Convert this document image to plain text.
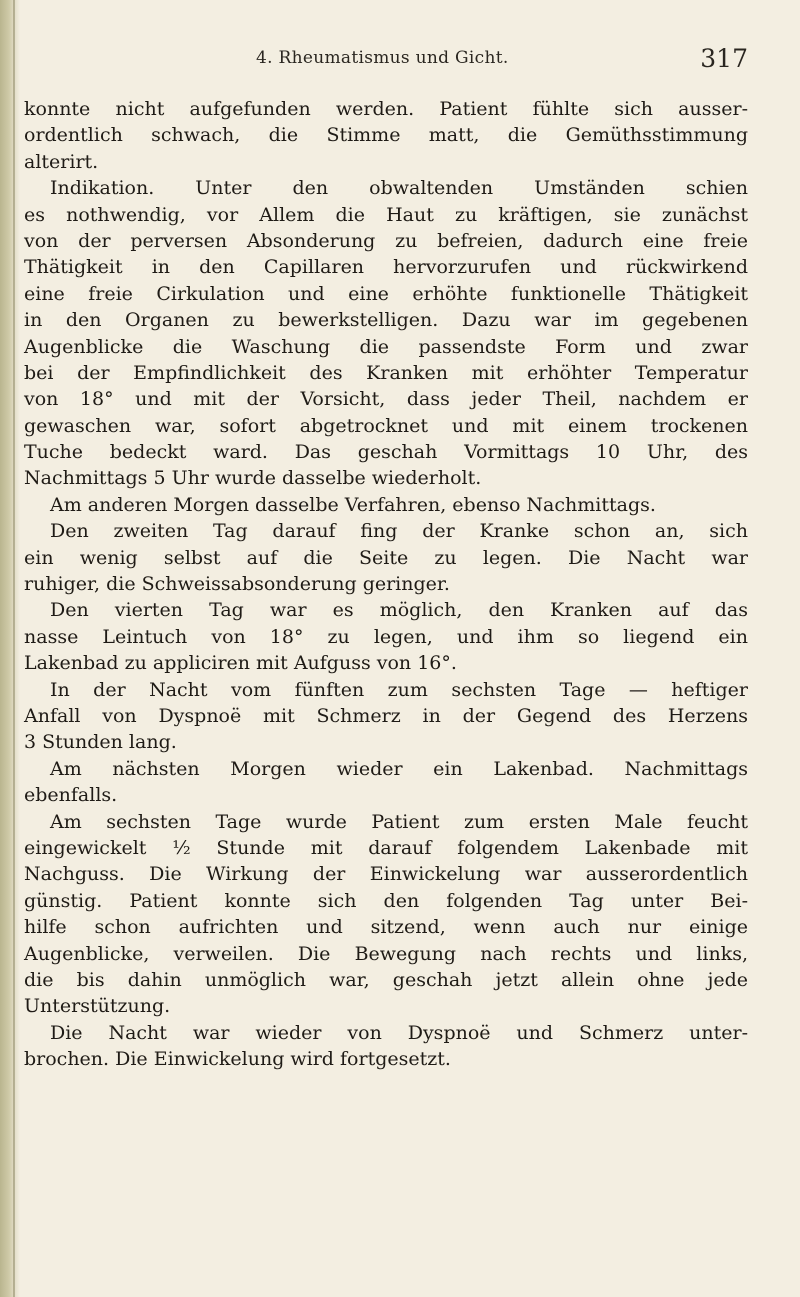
4. Rheumatismus und Gicht.	317
konnte nicht aufgefunden werden. Patient fühlte sich ausser-
ordentlich schwach, die Stimme matt, die Gemüthsstimmung
alterirt.
Indikation. Unter den obwaltenden Umständen schien
es nothwendig, vor Allem die Haut zu kräftigen, sie zunächst
von der perversen Absonderung zu befreien, dadurch eine freie
Thätigkeit in den Capillaren hervorzurufen und rückwirkend
eine freie Cirkulation und eine erhöhte funktionelle Thätigkeit
in den Organen zu bewerkstelligen. Dazu war im gegebenen
Augenblicke die Waschung die passendste Form und zwar
bei der Empfindlichkeit des Kranken mit erhöhter Temperatur
von 18° und mit der Vorsicht, dass jeder Theil, nachdem er
gewaschen war, sofort abgetrocknet und mit einem trockenen
Tuche bedeckt ward. Das geschah Vormittags 10 Uhr, des
Nachmittags 5 Uhr wurde dasselbe wiederholt.
Am anderen Morgen dasselbe Verfahren, ebenso Nachmittags.
Den zweiten Tag darauf fing der Kranke schon an, sich
ein wenig selbst auf die Seite zu legen. Die Nacht war
ruhiger, die Schweissabsonderung geringer.
Den vierten Tag war es möglich, den Kranken auf das
nasse Leintuch von 18° zu legen, und ihm so liegend ein
Lakenbad zu appliciren mit Aufguss von 16°.
In der Nacht vom fünften zum sechsten Tage — heftiger
Anfall von Dyspnoë mit Schmerz in der Gegend des Herzens
3 Stunden lang.
Am nächsten Morgen wieder ein Lakenbad. Nachmittags
ebenfalls.
Am sechsten Tage wurde Patient zum ersten Male feucht
eingewickelt ½ Stunde mit darauf folgendem Lakenbade mit
Nachguss. Die Wirkung der Einwickelung war ausserordentlich
günstig. Patient konnte sich den folgenden Tag unter Bei-
hilfe schon aufrichten und sitzend, wenn auch nur einige
Augenblicke, verweilen. Die Bewegung nach rechts und links,
die bis dahin unmöglich war, geschah jetzt allein ohne jede
Unterstützung.
Die Nacht war wieder von Dyspnoë und Schmerz unter-
brochen. Die Einwickelung wird fortgesetzt.
